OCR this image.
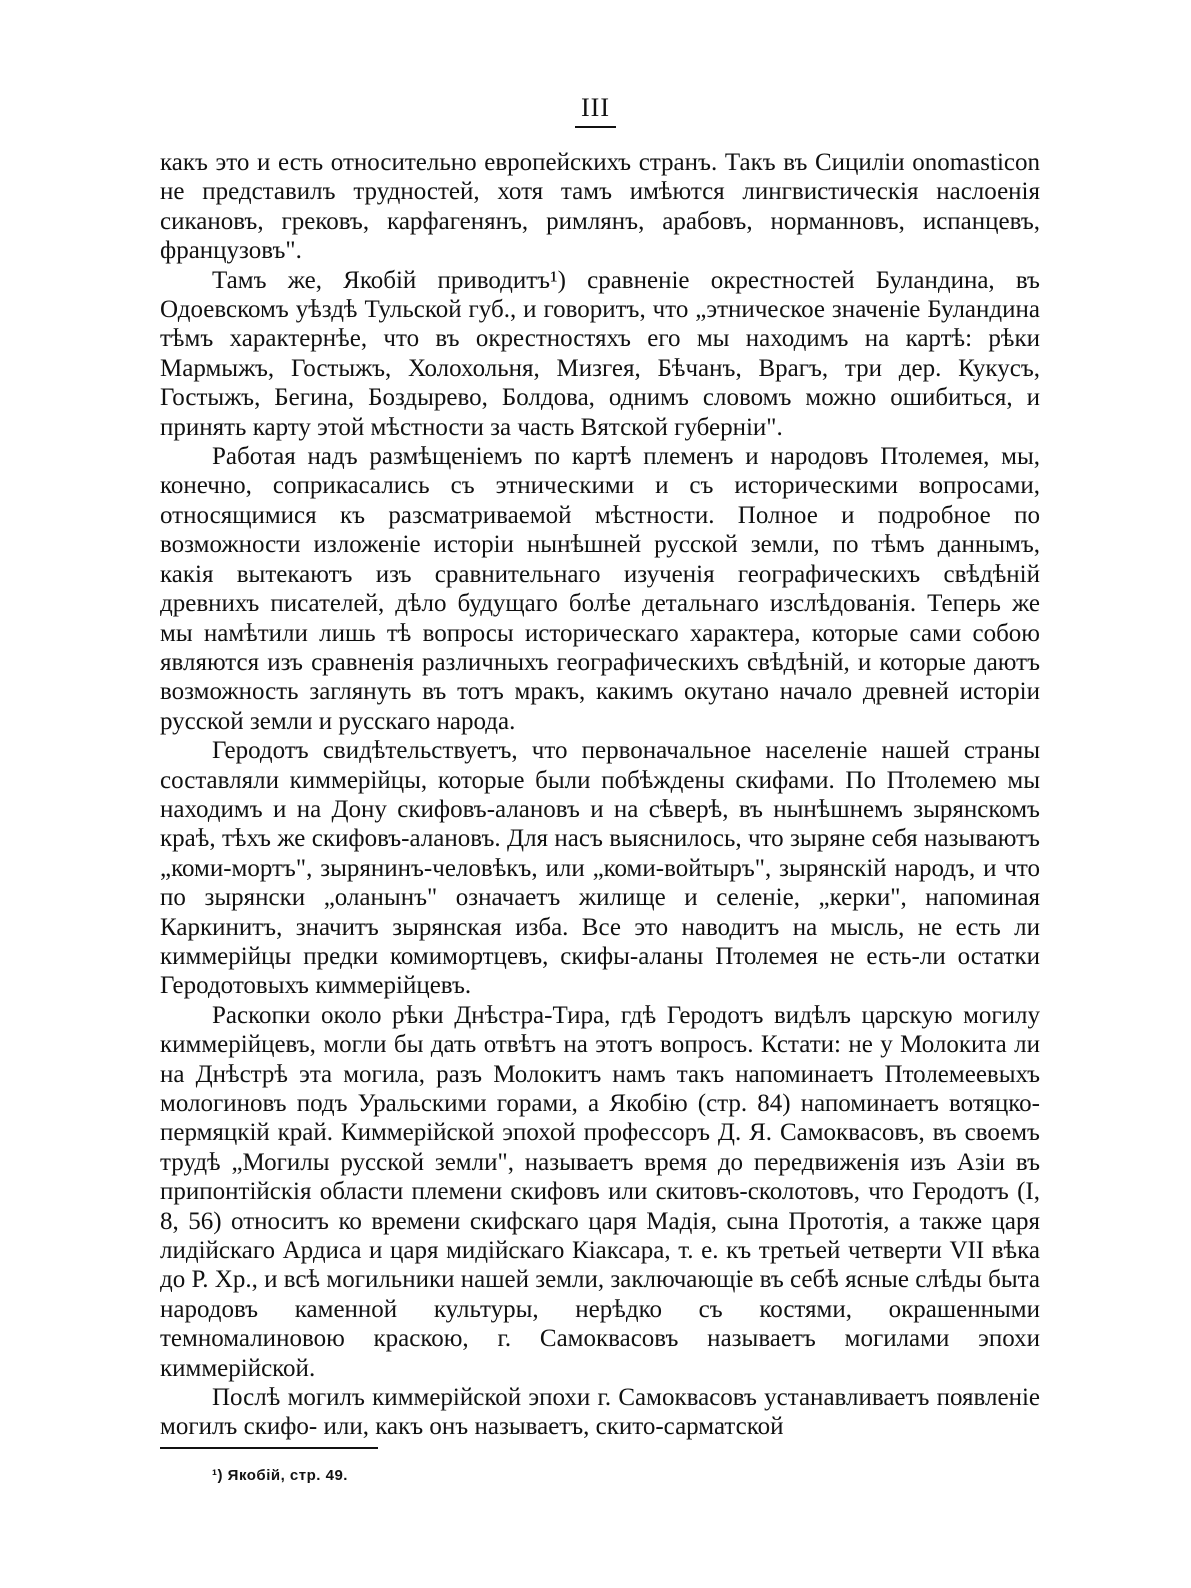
III

какъ это и есть относительно европейскихъ странъ. Такъ въ Сициліи onomasticon не представилъ трудностей, хотя тамъ имѣются лингвистическія наслоенія сикановъ, грековъ, карфагенянъ, римлянъ, арабовъ, норманновъ, испанцевъ, французовъ".

Тамъ же, Якобій приводитъ¹) сравненіе окрестностей Буландина, въ Одоевскомъ уѣздѣ Тульской губ., и говоритъ, что „этническое значеніе Буландина тѣмъ характернѣе, что въ окрестностяхъ его мы находимъ на картѣ: рѣки Мармыжъ, Гостыжъ, Холохольня, Мизгея, Бѣчанъ, Врагъ, три дер. Кукусъ, Гостыжъ, Бегина, Боздырево, Болдова, однимъ словомъ можно ошибиться, и принять карту этой мѣстности за часть Вятской губерніи".

Работая надъ размѣщеніемъ по картѣ племенъ и народовъ Птолемея, мы, конечно, соприкасались съ этническими и съ историческими вопросами, относящимися къ разсматриваемой мѣстности. Полное и подробное по возможности изложеніе исторіи нынѣшней русской земли, по тѣмъ даннымъ, какія вытекаютъ изъ сравнительнаго изученія географическихъ свѣдѣній древнихъ писателей, дѣло будущаго болѣе детальнаго изслѣдованія. Теперь же мы намѣтили лишь тѣ вопросы историческаго характера, которые сами собою являются изъ сравненія различныхъ географическихъ свѣдѣній, и которые даютъ возможность заглянуть въ тотъ мракъ, какимъ окутано начало древней исторіи русской земли и русскаго народа.

Геродотъ свидѣтельствуетъ, что первоначальное населеніе нашей страны составляли киммерійцы, которые были побѣждены скифами. По Птолемею мы находимъ и на Дону скифовъ-алановъ и на сѣверѣ, въ нынѣшнемъ зырянскомъ краѣ, тѣхъ же скифовъ-алановъ. Для насъ выяснилось, что зыряне себя называютъ „коми-мортъ", зырянинъ-человѣкъ, или „коми-войтыръ", зырянскій народъ, и что по зырянски „оланынъ" означаетъ жилище и селеніе, „керки", напоминая Каркинитъ, значитъ зырянская изба. Все это наводитъ на мысль, не есть ли киммерійцы предки комимортцевъ, скифы-аланы Птолемея не есть-ли остатки Геродотовыхъ киммерійцевъ.

Раскопки около рѣки Днѣстра-Тира, гдѣ Геродотъ видѣлъ царскую могилу киммерійцевъ, могли бы дать отвѣтъ на этотъ вопросъ. Кстати: не у Молокита ли на Днѣстрѣ эта могила, разъ Молокитъ намъ такъ напоминаетъ Птолемеевыхъ мологиновъ подъ Уральскими горами, а Якобію (стр. 84) напоминаетъ вотяцко-пермяцкій край. Киммерійской эпохой профессоръ Д. Я. Самоквасовъ, въ своемъ трудѣ „Могилы русской земли", называетъ время до передвиженія изъ Азіи въ припонтійскія области племени скифовъ или скитовъ-сколотовъ, что Геродотъ (I, 8, 56) относитъ ко времени скифскаго царя Мадія, сына Прототія, а также царя лидійскаго Ардиса и царя мидійскаго Кіаксара, т. е. къ третьей четверти VII вѣка до Р. Хр., и всѣ могильники нашей земли, заключающіе въ себѣ ясные слѣды быта народовъ каменной культуры, нерѣдко съ костями, окрашенными темномалиновою краскою, г. Самоквасовъ называетъ могилами эпохи киммерійской.

Послѣ могилъ киммерійской эпохи г. Самоквасовъ устанавливаетъ появленіе могилъ скифо- или, какъ онъ называетъ, скито-сарматской

¹) Якобій, стр. 49.
